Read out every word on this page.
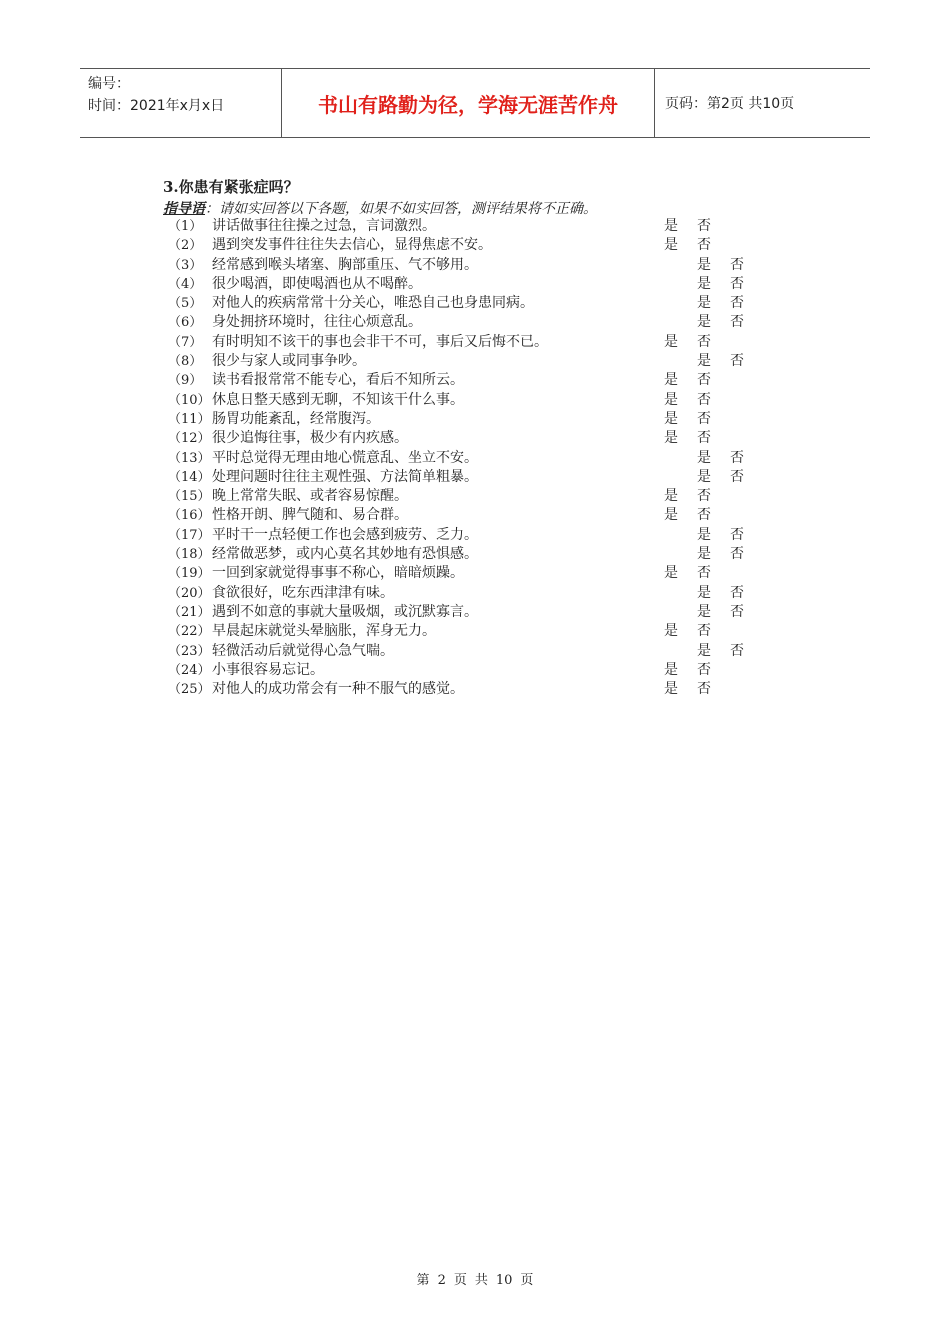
编号：
时间：2021年x月x日	书山有路勤为径，学海无涯苦作舟	页码：第2页 共10页
3.你患有紧张症吗？
指导语：请如实回答以下各题，如果不如实回答，测评结果将不正确。
（1） 讲话做事往往操之过急，言词激烈。	是 否
（2） 遇到突发事件往往失去信心，显得焦虑不安。	是 否
（3） 经常感到喉头堵塞、胸部重压、气不够用。	是 否
（4） 很少喝酒，即使喝酒也从不喝醉。	是 否
（5） 对他人的疾病常常十分关心，唯恐自己也身患同病。	是 否
（6） 身处拥挤环境时，往往心烦意乱。	是 否
（7） 有时明知不该干的事也会非干不可，事后又后悔不已。	是 否
（8） 很少与家人或同事争吵。	是 否
（9） 读书看报常常不能专心，看后不知所云。	是 否
（10） 休息日整天感到无聊，不知该干什么事。	是 否
（11） 肠胃功能紊乱，经常腹泻。	是 否
（12） 很少追悔往事，极少有内疚感。	是 否
（13） 平时总觉得无理由地心慌意乱、坐立不安。	是 否
（14） 处理问题时往往主观性强、方法简单粗暴。	是 否
（15） 晚上常常失眠、或者容易惊醒。	是 否
（16） 性格开朗、脾气随和、易合群。	是 否
（17） 平时干一点轻便工作也会感到疲劳、乏力。	是 否
（18） 经常做恶梦，或内心莫名其妙地有恐惧感。	是 否
（19） 一回到家就觉得事事不称心，暗暗烦躁。	是 否
（20） 食欲很好，吃东西津津有味。	是 否
（21） 遇到不如意的事就大量吸烟，或沉默寡言。	是 否
（22） 早晨起床就觉头晕脑胀，浑身无力。	是 否
（23） 轻微活动后就觉得心急气喘。	是 否
（24） 小事很容易忘记。	是 否
（25） 对他人的成功常会有一种不服气的感觉。	是 否
第 2 页 共 10 页
